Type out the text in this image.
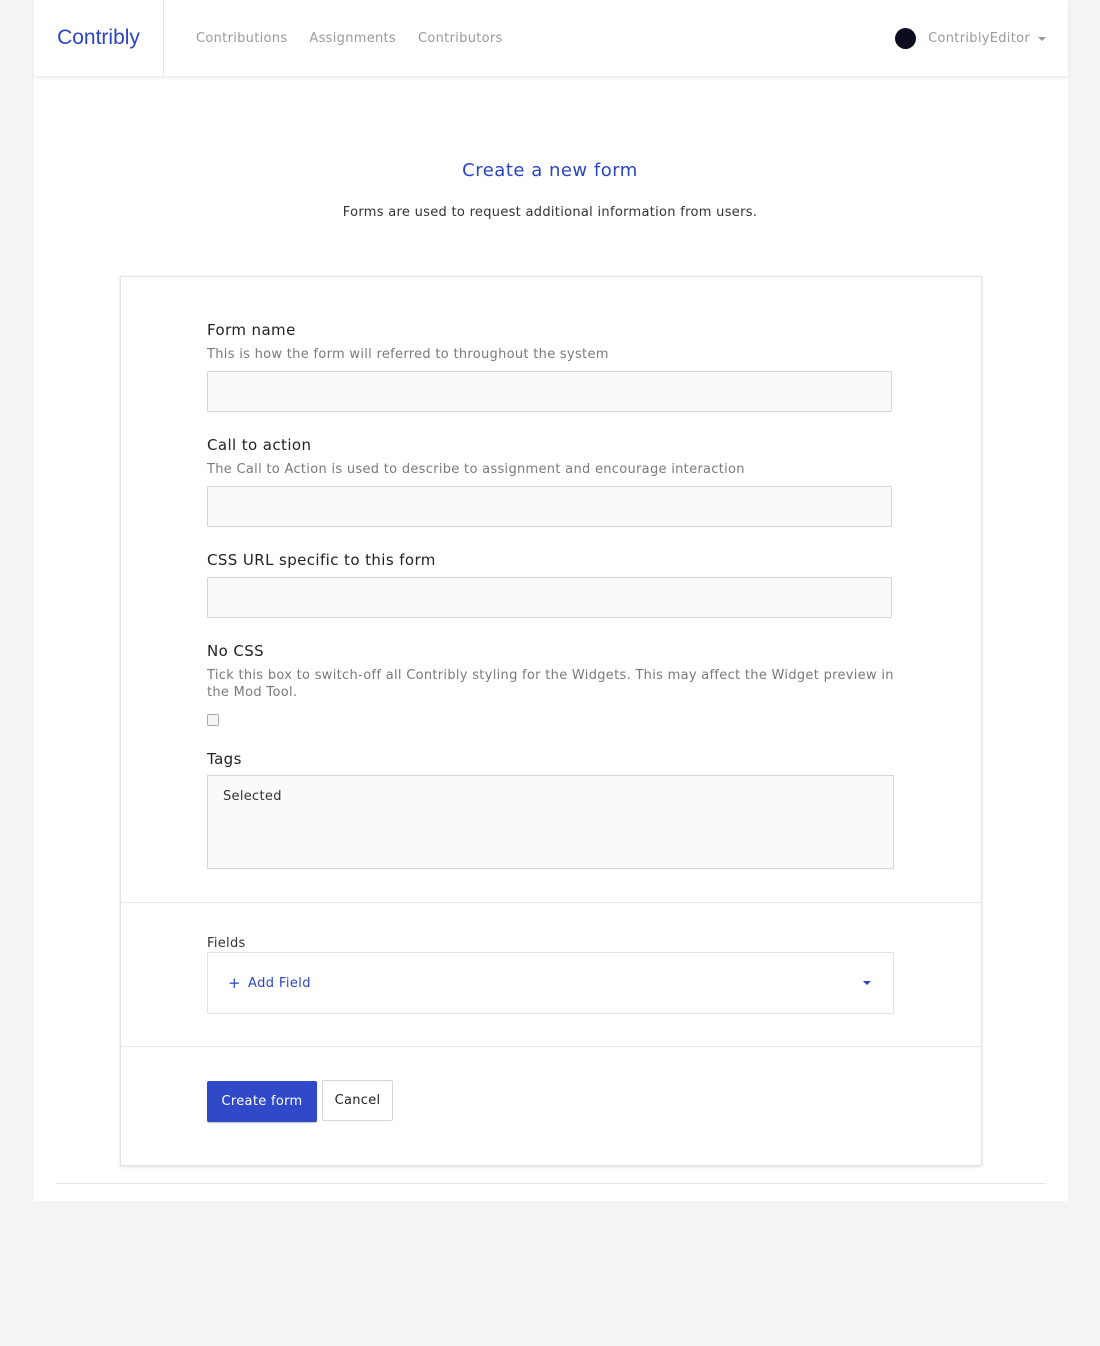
Contribly	Contributions Assignments Contributors	ContriblyEditor
Create a new form
Forms are used to request additional information from users.
Form name
This is how the form will referred to throughout the system
Call to action
The Call to Action is used to describe to assignment and encourage interaction
CSS URL specific to this form
No CSS
Tick this box to switch-off all Contribly styling for the Widgets. This may affect the Widget preview in the Mod Tool.
Tags
Selected
Fields
+ Add Field
Create form	Cancel
